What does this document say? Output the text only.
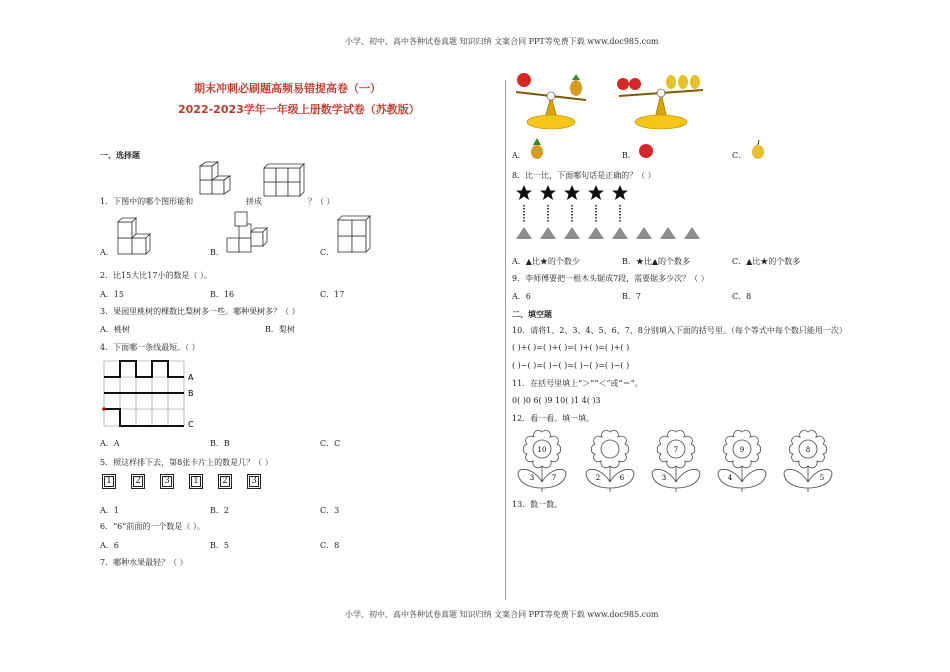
小学、初中、高中各种试卷真题 知识归纳 文案合同 PPT等免费下载 www.doc985.com
小学、初中、高中各种试卷真题 知识归纳 文案合同 PPT等免费下载 www.doc985.com
期末冲刺必刷题高频易错提高卷（一）
2022-2023学年一年级上册数学试卷（苏教版）
一、选择题
1．下图中的哪个图形能和	拼成	？（ ）
A．	B．	C．
2．比15大比17小的数是（ ）。
A．15	B．16	C．17
3．果园里桃树的棵数比梨树多一些。哪种果树多？（ ）
A．桃树	B．梨树
4．下面哪一条线最短。（ ）
A
B
C
A．A	B．B	C．C
5．照这样排下去，第8张卡片上的数是几？（ ）
1	2	3	1	2	3
A．1	B．2	C．3
6．“6”前面的一个数是（ ）。
A．6	B．5	C．8
7．哪种水果最轻？（ ）
A．	B．	C．
8．比一比，下面哪句话是正确的？（ ）
A．▲比★的个数少	B．★比▲的个数多	C．▲比★的个数多
9．李师傅要把一根木头锯成7段，需要锯多少次？（ ）
A．6	B．7	C．8
二、填空题
10．请将1、2、3、4、5、6、7、8分别填入下面的括号里。（每个等式中每个数只能用一次）
( )+( )=( )+( )=( )+( )=( )+( )
( )−( )=( )−( )=( )−( )=( )−( )
11．在括号里填上“＞”“＜”或“＝”。
0( )0 6( )9 10( )1 4( )3
12．看一看。填一填。
10
3	7	2	6
7
3
9
4
8
5
13．数一数。
